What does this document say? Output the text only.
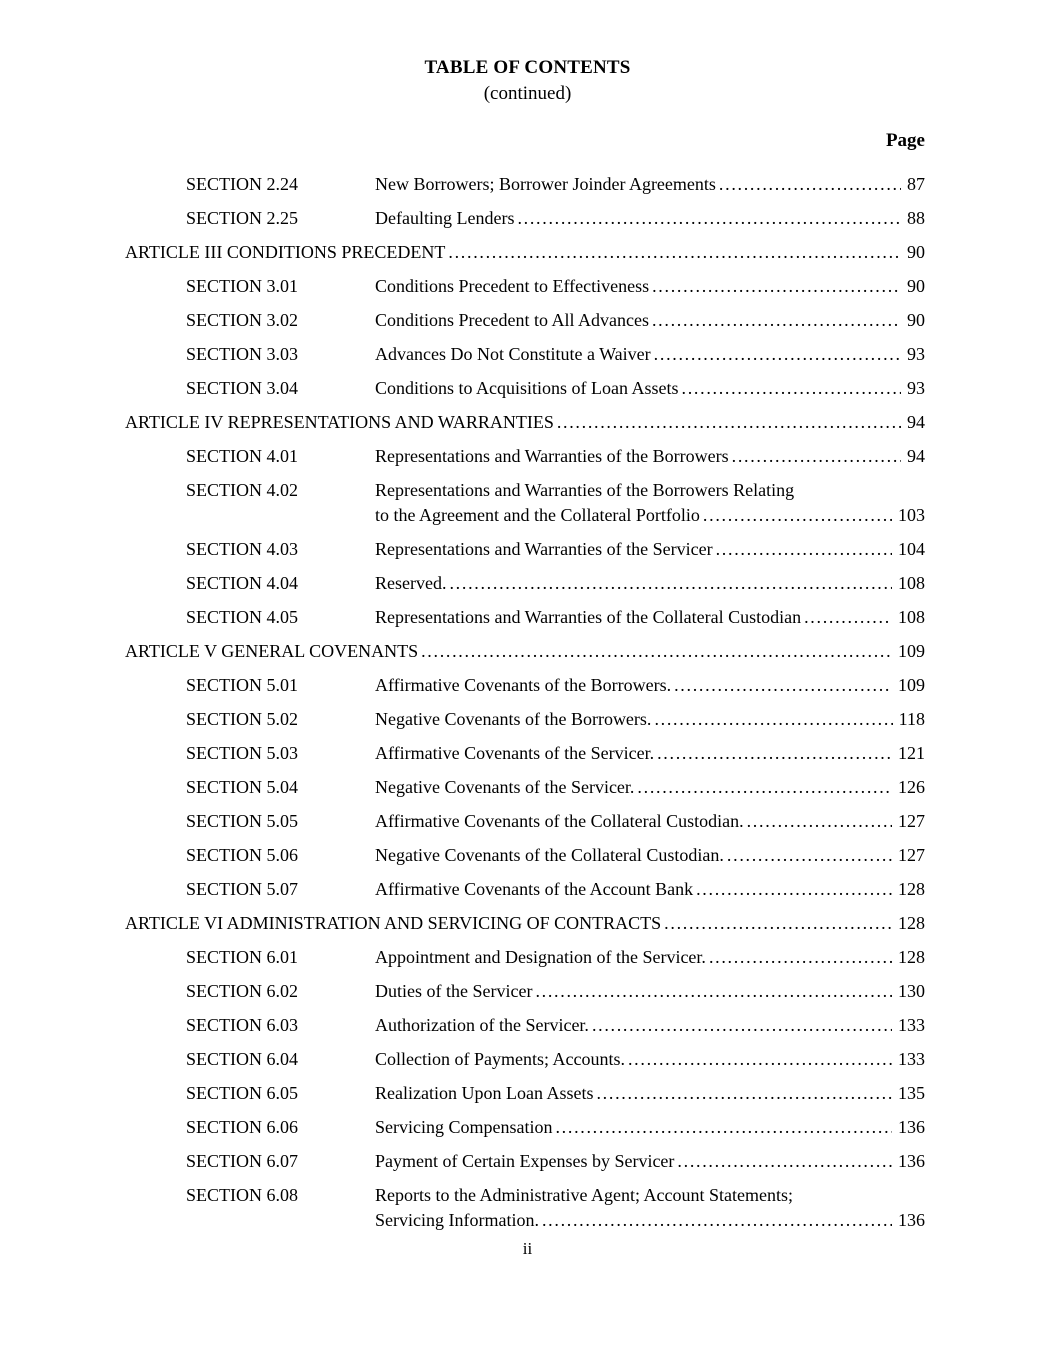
TABLE OF CONTENTS
(continued)
Page
SECTION 2.24	New Borrowers; Borrower Joinder Agreements .....	87
SECTION 2.25	Defaulting Lenders .....	88
ARTICLE III CONDITIONS PRECEDENT .....	90
SECTION 3.01	Conditions Precedent to Effectiveness .....	90
SECTION 3.02	Conditions Precedent to All Advances .....	90
SECTION 3.03	Advances Do Not Constitute a Waiver .....	93
SECTION 3.04	Conditions to Acquisitions of Loan Assets .....	93
ARTICLE IV REPRESENTATIONS AND WARRANTIES .....	94
SECTION 4.01	Representations and Warranties of the Borrowers .....	94
SECTION 4.02	Representations and Warranties of the Borrowers Relating
to the Agreement and the Collateral Portfolio .....	103
SECTION 4.03	Representations and Warranties of the Servicer .....	104
SECTION 4.04	Reserved. .....	108
SECTION 4.05	Representations and Warranties of the Collateral Custodian .....	108
ARTICLE V GENERAL COVENANTS .....	109
SECTION 5.01	Affirmative Covenants of the Borrowers. .....	109
SECTION 5.02	Negative Covenants of the Borrowers. .....	118
SECTION 5.03	Affirmative Covenants of the Servicer. .....	121
SECTION 5.04	Negative Covenants of the Servicer. .....	126
SECTION 5.05	Affirmative Covenants of the Collateral Custodian. .....	127
SECTION 5.06	Negative Covenants of the Collateral Custodian. .....	127
SECTION 5.07	Affirmative Covenants of the Account Bank .....	128
ARTICLE VI ADMINISTRATION AND SERVICING OF CONTRACTS .....	128
SECTION 6.01	Appointment and Designation of the Servicer. .....	128
SECTION 6.02	Duties of the Servicer .....	130
SECTION 6.03	Authorization of the Servicer. .....	133
SECTION 6.04	Collection of Payments; Accounts. .....	133
SECTION 6.05	Realization Upon Loan Assets .....	135
SECTION 6.06	Servicing Compensation .....	136
SECTION 6.07	Payment of Certain Expenses by Servicer .....	136
SECTION 6.08	Reports to the Administrative Agent; Account Statements;
Servicing Information. .....	136
ii
